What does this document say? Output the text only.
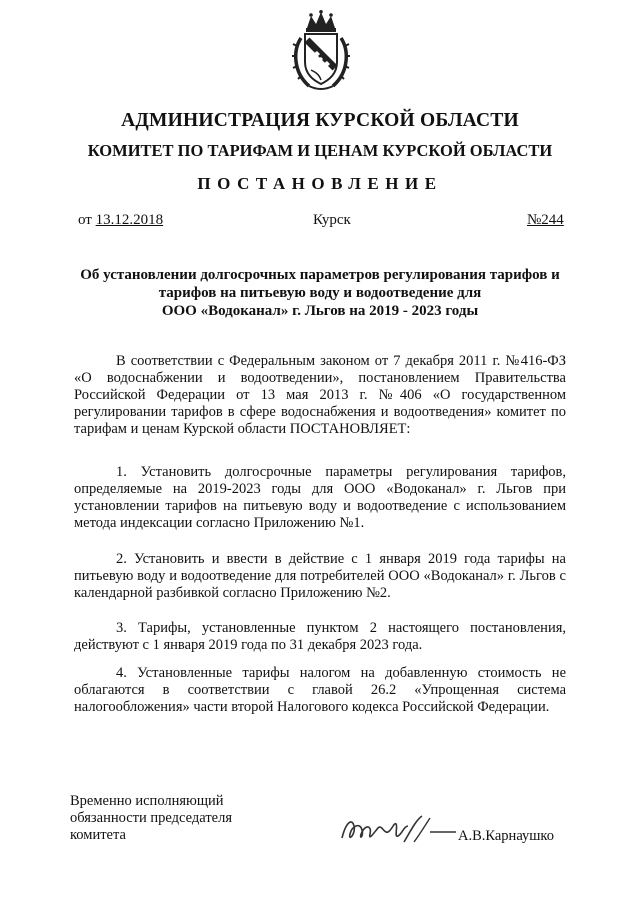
АДМИНИСТРАЦИЯ КУРСКОЙ ОБЛАСТИ
КОМИТЕТ ПО ТАРИФАМ И ЦЕНАМ КУРСКОЙ ОБЛАСТИ
ПОСТАНОВЛЕНИЕ
от 13.12.2018	Курск	№244
Об установлении долгосрочных параметров регулирования тарифов и
тарифов на питьевую воду и водоотведение для
ООО «Водоканал» г. Льгов на 2019 - 2023 годы
В соответствии с Федеральным законом от 7 декабря 2011 г. №416-ФЗ «О водоснабжении и водоотведении», постановлением Правительства Российской Федерации от 13 мая 2013 г. №406 «О государственном регулировании тарифов в сфере водоснабжения и водоотведения» комитет по тарифам и ценам Курской области ПОСТАНОВЛЯЕТ:
1. Установить долгосрочные параметры регулирования тарифов, определяемые на 2019-2023 годы для ООО «Водоканал» г. Льгов при установлении тарифов на питьевую воду и водоотведение с использованием метода индексации согласно Приложению №1.
2. Установить и ввести в действие с 1 января 2019 года тарифы на питьевую воду и водоотведение для потребителей ООО «Водоканал» г. Льгов с календарной разбивкой согласно Приложению №2.
3. Тарифы, установленные пунктом 2 настоящего постановления, действуют с 1 января 2019 года по 31 декабря 2023 года.
4. Установленные тарифы налогом на добавленную стоимость не облагаются в соответствии с главой 26.2 «Упрощенная система налогообложения» части второй Налогового кодекса Российской Федерации.
Временно исполняющий
обязанности председателя
комитета	А.В.Карнаушко
